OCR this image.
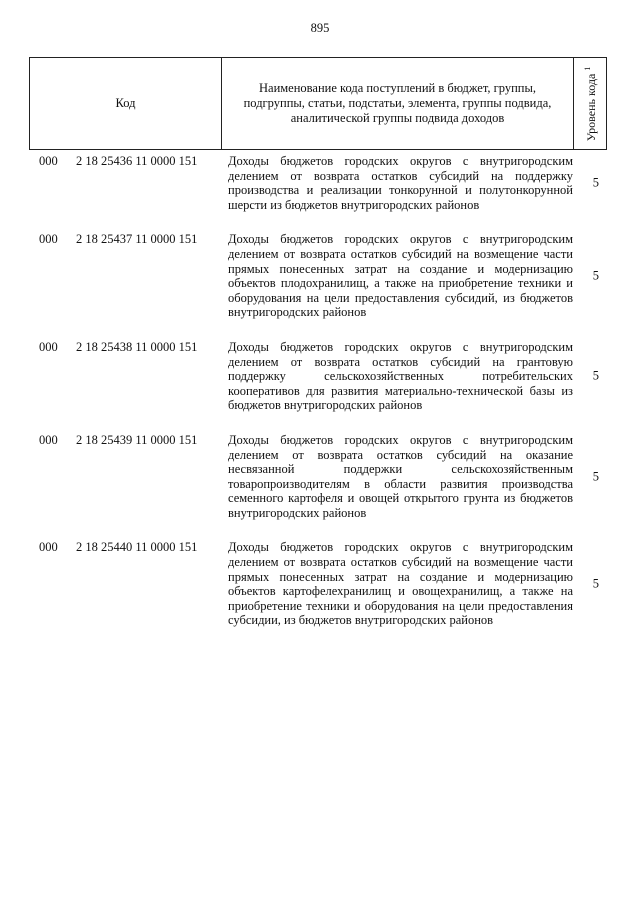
895
Код
Наименование кода поступлений в бюджет, группы, подгруппы, статьи, подстатьи, элемента, группы подвида, аналитической группы подвида доходов	Уровень кода $^1$
000 2 18 25436 11 0000 151 Доходы бюджетов городских округов с внутригородским делением от возврата остатков субсидий на поддержку производства и реализации тонкорунной и полутонкорунной шерсти из бюджетов внутригородских районов
5
000 2 18 25437 11 0000 151 Доходы бюджетов городских округов с внутригородским делением от возврата остатков субсидий на возмещение части прямых понесенных затрат на создание и модернизацию объектов плодохранилищ, а также на приобретение техники и оборудования на цели предоставления субсидий, из бюджетов внутригородских районов
5
000 2 18 25438 11 0000 151 Доходы бюджетов городских округов с внутригородским делением от возврата остатков субсидий на грантовую поддержку сельскохозяйственных потребительских кооперативов для развития материально-технической базы из бюджетов внутригородских районов
5
000 2 18 25439 11 0000 151 Доходы бюджетов городских округов с внутригородским делением от возврата остатков субсидий на оказание несвязанной поддержки сельскохозяйственным товаропроизводителям в области развития производства семенного картофеля и овощей открытого грунта из бюджетов внутригородских районов
5
000 2 18 25440 11 0000 151 Доходы бюджетов городских округов с внутригородским делением от возврата остатков субсидий на возмещение части прямых понесенных затрат на создание и модернизацию объектов картофелехранилищ и овощехранилищ, а также на приобретение техники и оборудования на цели предоставления субсидии, из бюджетов внутригородских районов
5
